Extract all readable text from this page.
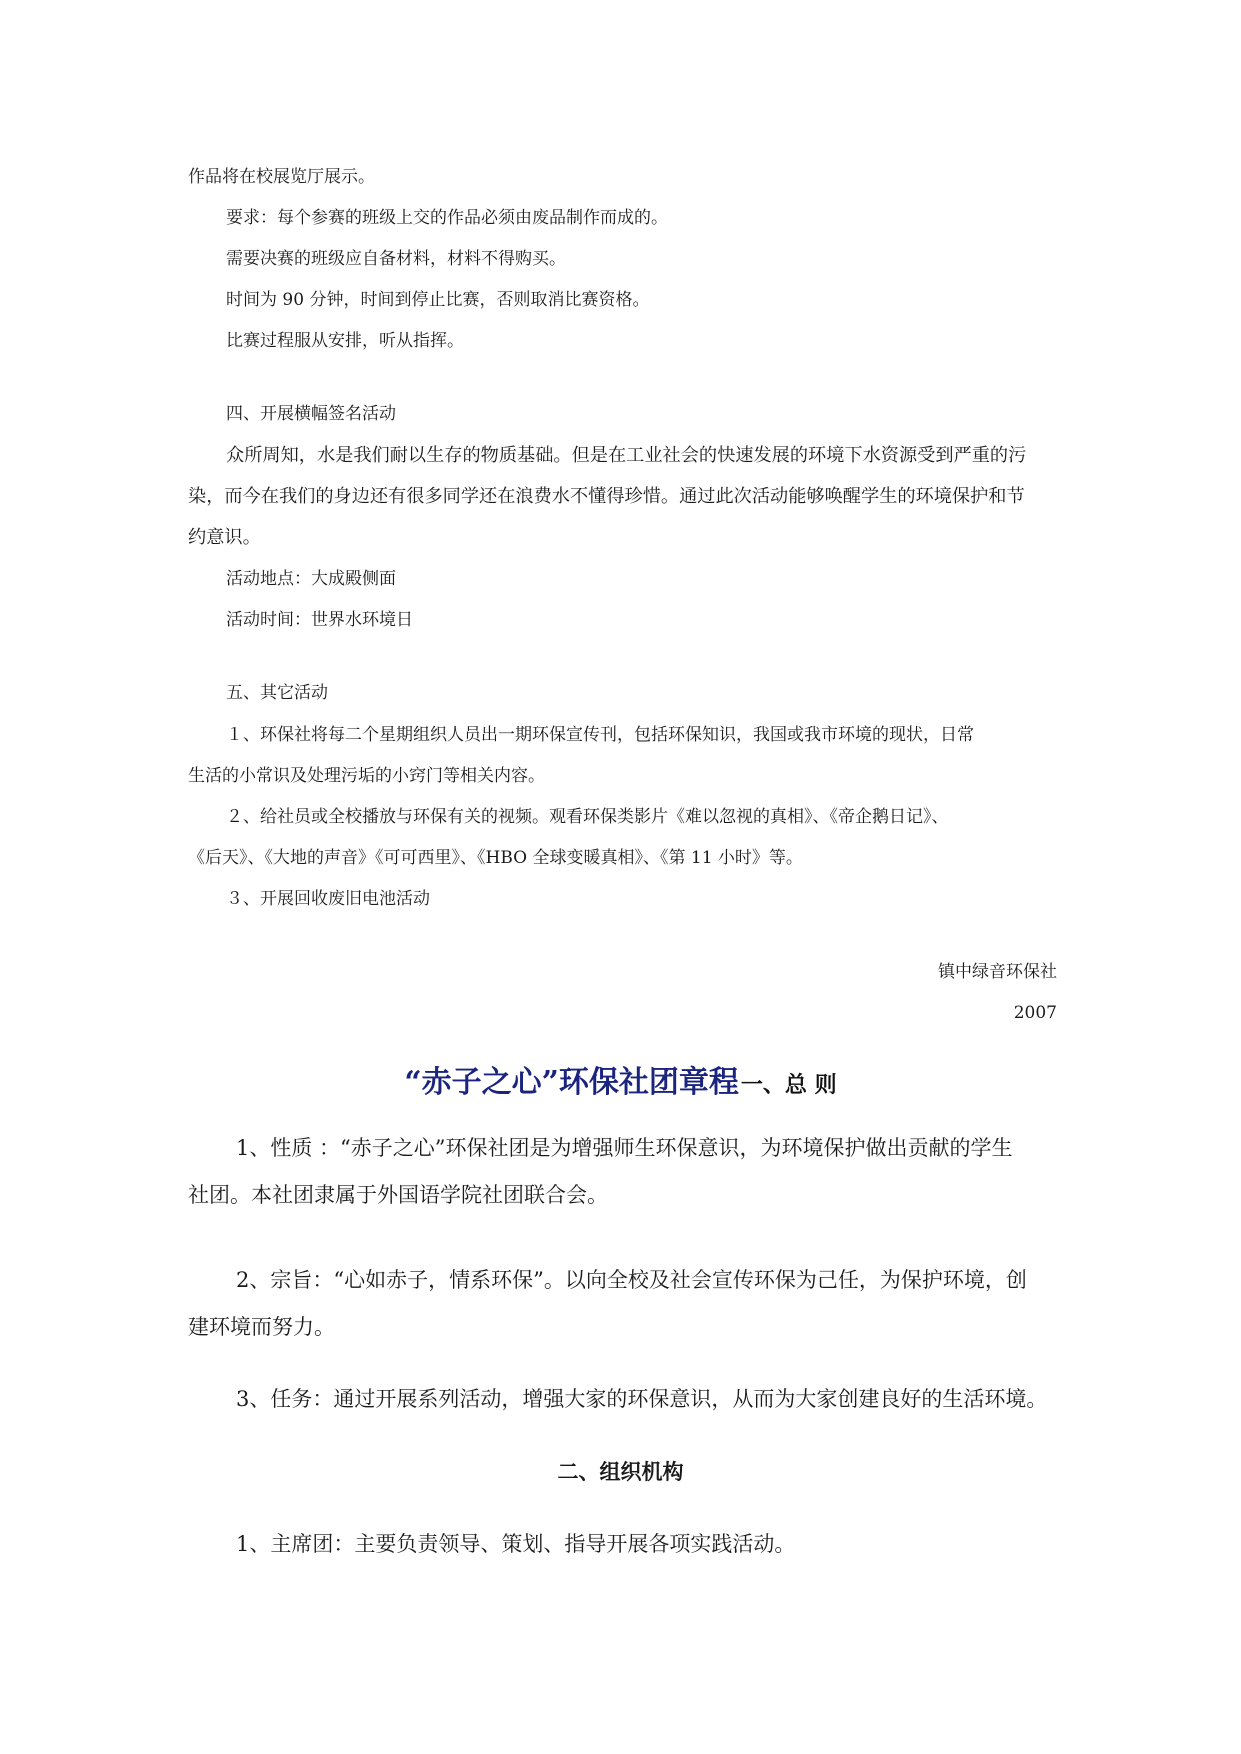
作品将在校展览厅展示。
要求：每个参赛的班级上交的作品必须由废品制作而成的。
需要决赛的班级应自备材料，材料不得购买。
时间为 90 分钟，时间到停止比赛，否则取消比赛资格。
比赛过程服从安排，听从指挥。
四、开展横幅签名活动
众所周知，水是我们耐以生存的物质基础。但是在工业社会的快速发展的环境下水资源受到严重的污
染，而今在我们的身边还有很多同学还在浪费水不懂得珍惜。通过此次活动能够唤醒学生的环境保护和节
约意识。
活动地点：大成殿侧面
活动时间：世界水环境日
五、其它活动
１、环保社将每二个星期组织人员出一期环保宣传刊，包括环保知识，我国或我市环境的现状，日常
生活的小常识及处理污垢的小窍门等相关内容。
２、给社员或全校播放与环保有关的视频。观看环保类影片《难以忽视的真相》、《帝企鹅日记》、
《后天》、《大地的声音》《可可西里》、《HBO 全球变暖真相》、《第 11 小时》等。
３、开展回收废旧电池活动
镇中绿音环保社
2007
“赤子之心”环保社团章程一、总 则
1、性质 ：“赤子之心”环保社团是为增强师生环保意识，为环境保护做出贡献的学生
社团。本社团隶属于外国语学院社团联合会。
2、宗旨：“心如赤子，情系环保”。以向全校及社会宣传环保为己任，为保护环境，创
建环境而努力。
3、任务：通过开展系列活动，增强大家的环保意识，从而为大家创建良好的生活环境。
二、组织机构
1、主席团：主要负责领导、策划、指导开展各项实践活动。
